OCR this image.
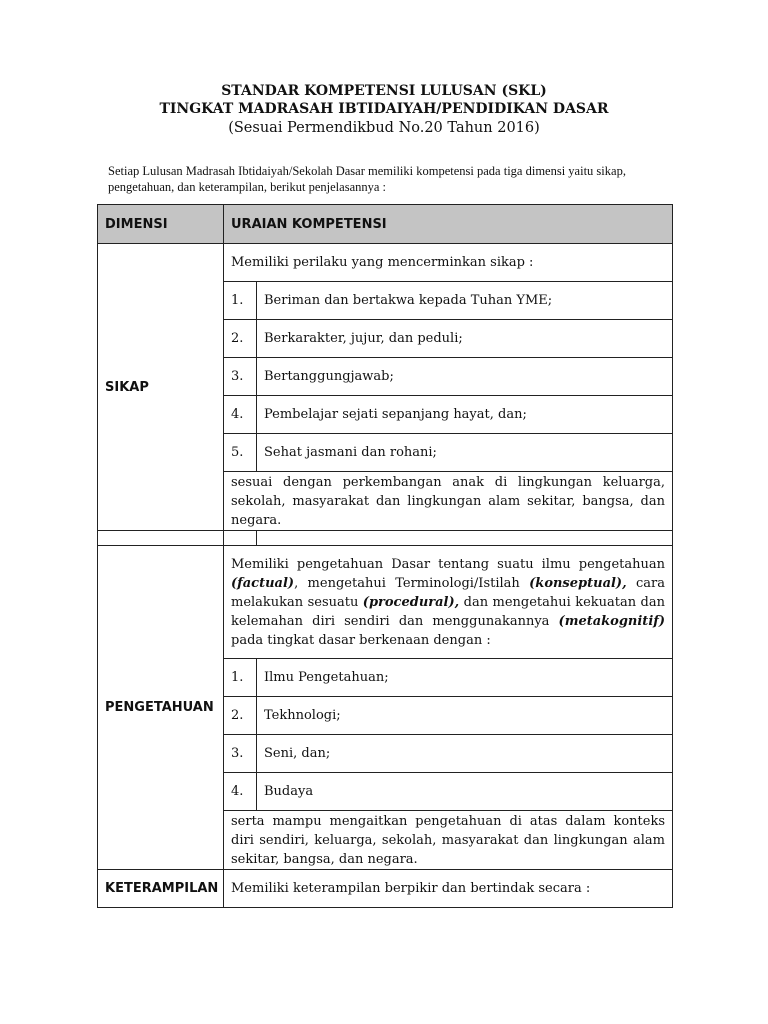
STANDAR KOMPETENSI LULUSAN (SKL)
TINGKAT MADRASAH IBTIDAIYAH/PENDIDIKAN DASAR
(Sesuai Permendikbud No.20 Tahun 2016)
Setiap Lulusan Madrasah Ibtidaiyah/Sekolah Dasar memiliki kompetensi pada tiga dimensi yaitu sikap, pengetahuan, dan keterampilan, berikut penjelasannya :
DIMENSI	URAIAN KOMPETENSI	
SIKAP	Memiliki perilaku yang mencerminkan sikap :	
	1.	Beriman dan bertakwa kepada Tuhan YME;
	2.	Berkarakter, jujur, dan peduli;
	3.	Bertanggungjawab;
	4.	Pembelajar sejati sepanjang hayat, dan;
	5.	Sehat jasmani dan rohani;
	sesuai dengan perkembangan anak di lingkungan keluarga, sekolah, masyarakat dan lingkungan alam sekitar, bangsa, dan negara.	

PENGETAHUAN	Memiliki pengetahuan Dasar tentang suatu ilmu pengetahuan (factual), mengetahui Terminologi/Istilah (konseptual), cara melakukan sesuatu (procedural), dan mengetahui kekuatan dan kelemahan diri sendiri dan menggunakannya (metakognitif) pada tingkat dasar berkenaan dengan :	
	1.	Ilmu Pengetahuan;
	2.	Tekhnologi;
	3.	Seni, dan;
	4.	Budaya
	serta mampu mengaitkan pengetahuan di atas dalam konteks diri sendiri, keluarga, sekolah, masyarakat dan lingkungan alam sekitar, bangsa, dan negara.	
KETERAMPILAN	Memiliki keterampilan berpikir dan bertindak secara :	
